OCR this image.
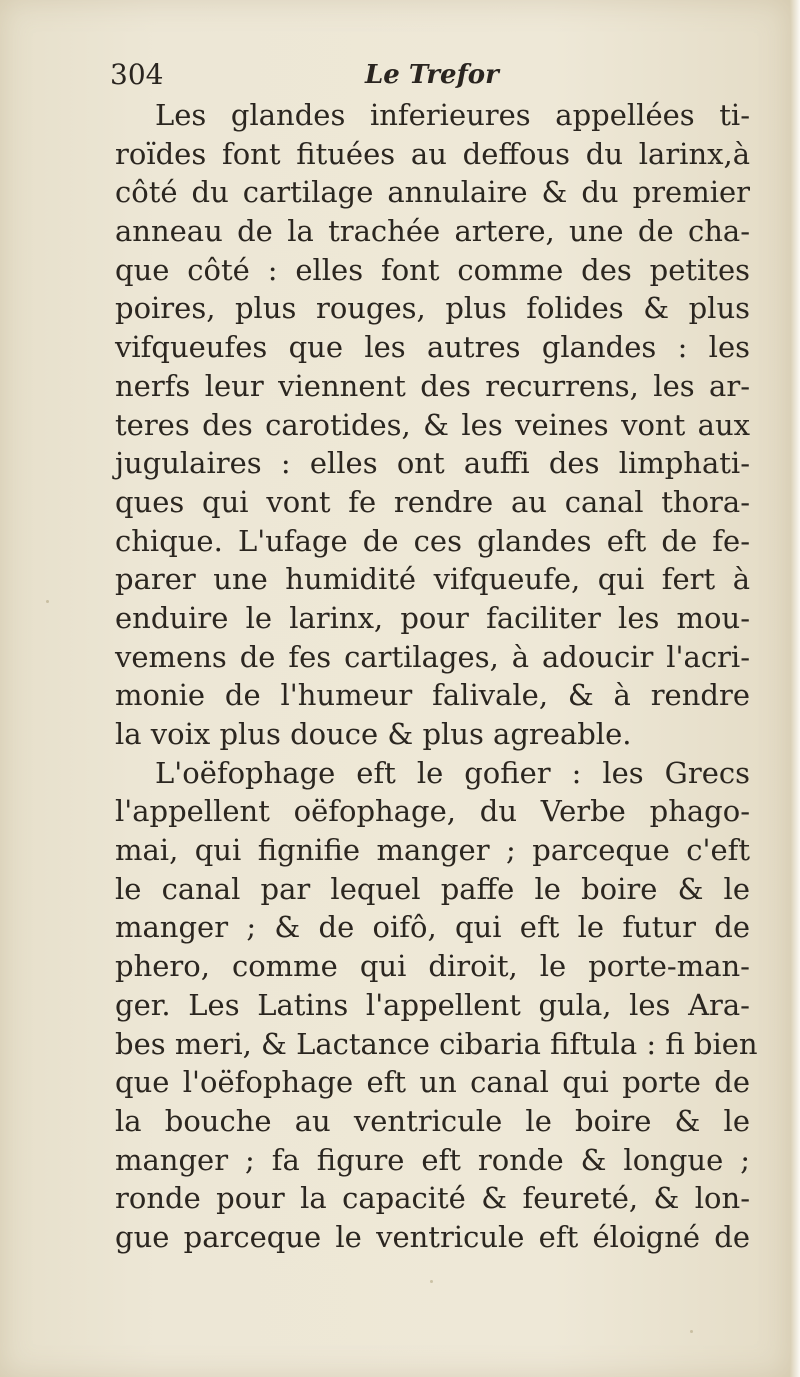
304	Le Trefor
Les glandes inferieures appellées ti-
roïdes font fituées au deffous du larinx,à
côté du cartilage annulaire & du premier
anneau de la trachée artere, une de cha-
que côté : elles font comme des petites
poires, plus rouges, plus folides & plus
vifqueufes que les autres glandes : les
nerfs leur viennent des recurrens, les ar-
teres des carotides, & les veines vont aux
jugulaires : elles ont auffi des limphati-
ques qui vont fe rendre au canal thora-
chique. L'ufage de ces glandes eft de fe-
parer une humidité vifqueufe, qui fert à
enduire le larinx, pour faciliter les mou-
vemens de fes cartilages, à adoucir l'acri-
monie de l'humeur falivale, & à rendre
la voix plus douce & plus agreable.
L'oëfophage eft le gofier : les Grecs
l'appellent oëfophage, du Verbe phago-
mai, qui fignifie manger ; parceque c'eft
le canal par lequel paffe le boire & le
manger ; & de oifô, qui eft le futur de
phero, comme qui diroit, le porte-man-
ger. Les Latins l'appellent gula, les Ara-
bes meri, & Lactance cibaria fiftula : fi bien
que l'oëfophage eft un canal qui porte de
la bouche au ventricule le boire & le
manger ; fa figure eft ronde & longue ;
ronde pour la capacité & feureté, & lon-
gue parceque le ventricule eft éloigné de
